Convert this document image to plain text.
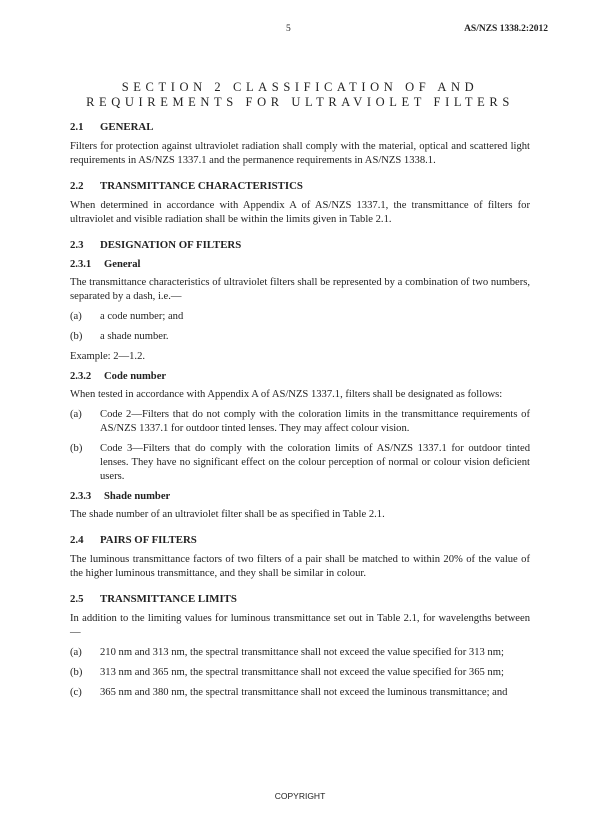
5	AS/NZS 1338.2:2012
SECTION 2 CLASSIFICATION OF AND
REQUIREMENTS FOR ULTRAVIOLET FILTERS
2.1 GENERAL

Filters for protection against ultraviolet radiation shall comply with the material, optical and scattered light requirements in AS/NZS 1337.1 and the permanence requirements in AS/NZS 1338.1.

2.2 TRANSMITTANCE CHARACTERISTICS

When determined in accordance with Appendix A of AS/NZS 1337.1, the transmittance of filters for ultraviolet and visible radiation shall be within the limits given in Table 2.1.

2.3 DESIGNATION OF FILTERS
2.3.1 General

The transmittance characteristics of ultraviolet filters shall be represented by a combination of two numbers, separated by a dash, i.e.—

(a)	a code number; and
(b)	a shade number.

Example: 2—1.2.

2.3.2 Code number

When tested in accordance with Appendix A of AS/NZS 1337.1, filters shall be designated as follows:

(a)	Code 2—Filters that do not comply with the coloration limits in the transmittance requirements of AS/NZS 1337.1 for outdoor tinted lenses. They may affect colour vision.
(b)	Code 3—Filters that do comply with the coloration limits of AS/NZS 1337.1 for outdoor tinted lenses. They have no significant effect on the colour perception of normal or colour vision deficient users.
2.3.3 Shade number

The shade number of an ultraviolet filter shall be as specified in Table 2.1.

2.4 PAIRS OF FILTERS

The luminous transmittance factors of two filters of a pair shall be matched to within 20% of the value of the higher luminous transmittance, and they shall be similar in colour.

2.5 TRANSMITTANCE LIMITS

In addition to the limiting values for luminous transmittance set out in Table 2.1, for wavelengths between—

(a)	210 nm and 313 nm, the spectral transmittance shall not exceed the value specified for 313 nm;
(b)	313 nm and 365 nm, the spectral transmittance shall not exceed the value specified for 365 nm;
(c)	365 nm and 380 nm, the spectral transmittance shall not exceed the luminous transmittance; and
COPYRIGHT
